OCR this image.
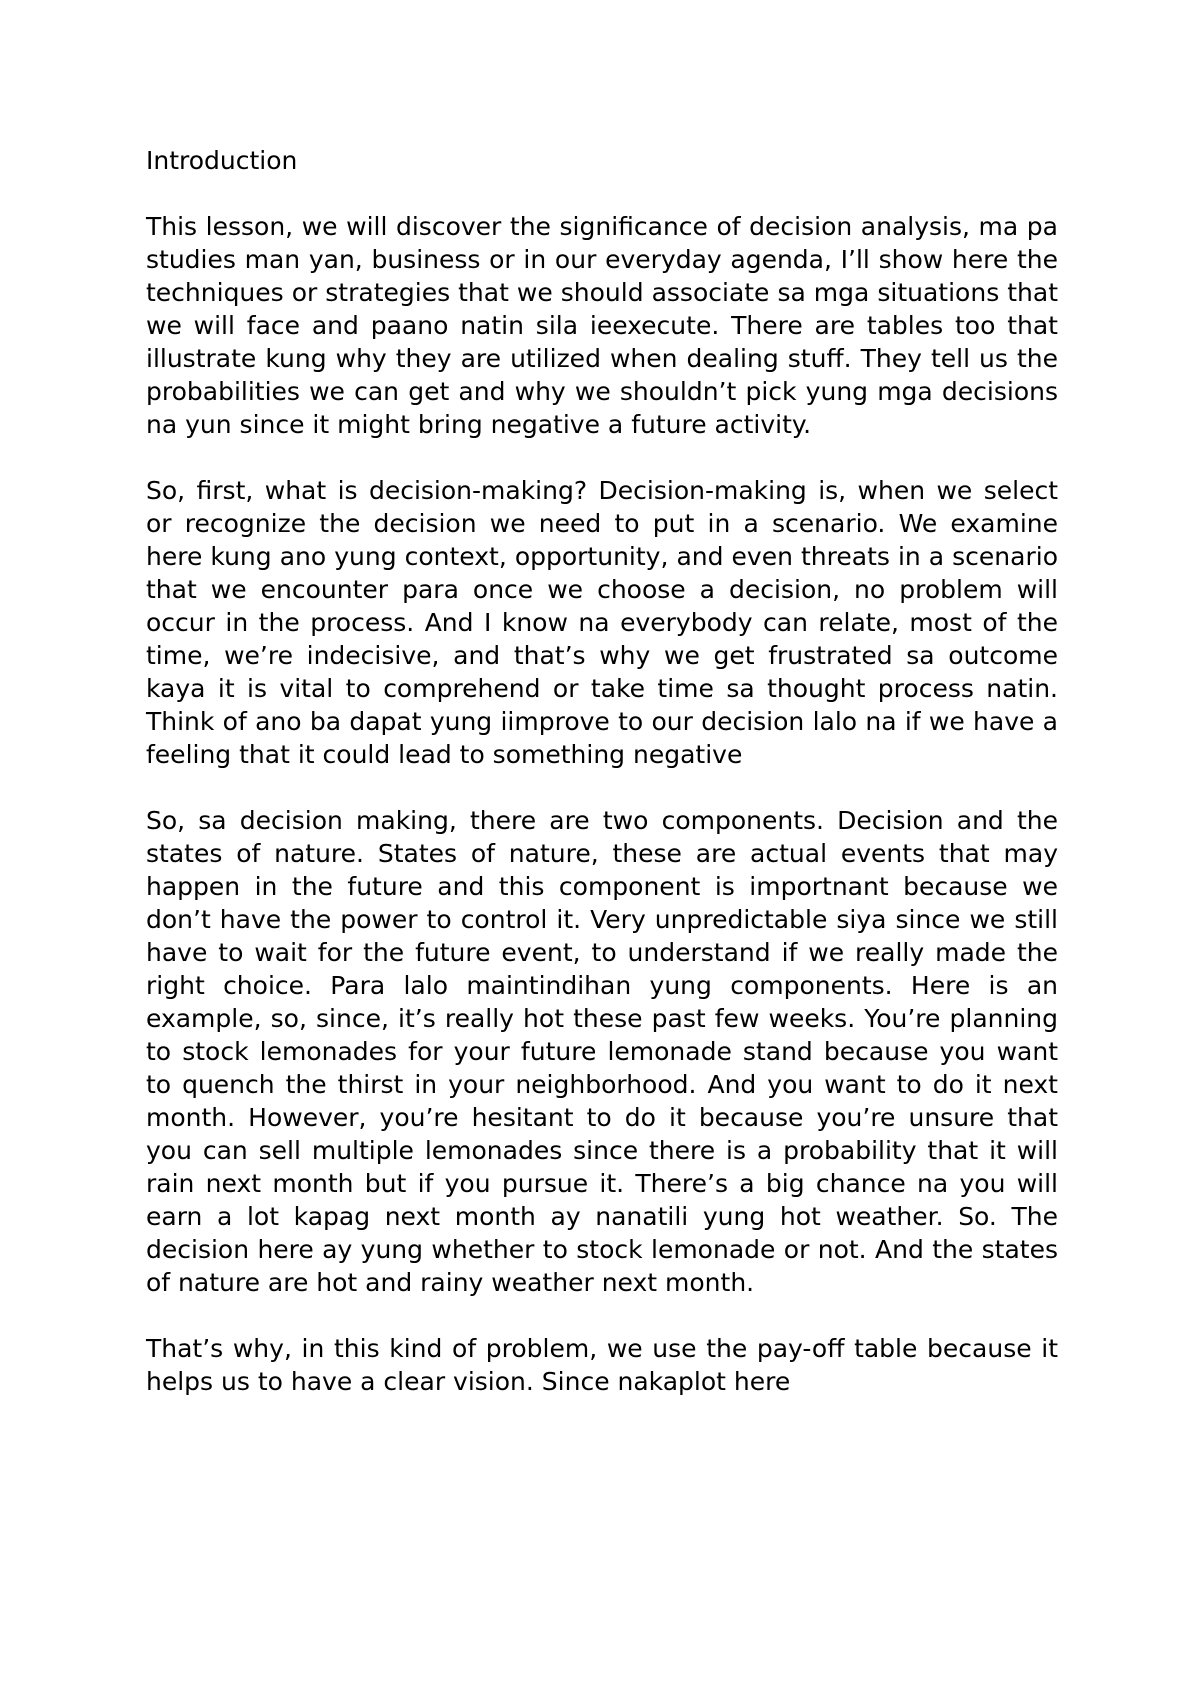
Introduction

This lesson, we will discover the significance of decision analysis, ma pa studies man yan, business or in our everyday agenda, I’ll show here the techniques or strategies that we should associate sa mga situations that we will face and paano natin sila ieexecute. There are tables too that illustrate kung why they are utilized when dealing stuff. They tell us the probabilities we can get and why we shouldn’t pick yung mga decisions na yun since it might bring negative a future activity.

So, first, what is decision-making? Decision-making is, when we select or recognize the decision we need to put in a scenario. We examine here kung ano yung context, opportunity, and even threats in a scenario that we encounter para once we choose a decision, no problem will occur in the process. And I know na everybody can relate, most of the time, we’re indecisive, and that’s why we get frustrated sa outcome kaya it is vital to comprehend or take time sa thought process natin. Think of ano ba dapat yung iimprove to our decision lalo na if we have a feeling that it could lead to something negative

So, sa decision making, there are two components. Decision and the states of nature. States of nature, these are actual events that may happen in the future and this component is importnant because we don’t have the power to control it. Very unpredictable siya since we still have to wait for the future event, to understand if we really made the right choice. Para lalo maintindihan yung components. Here is an example, so, since, it’s really hot these past few weeks. You’re planning to stock lemonades for your future lemonade stand because you want to quench the thirst in your neighborhood. And you want to do it next month. However, you’re hesitant to do it because you’re unsure that you can sell multiple lemonades since there is a probability that it will rain next month but if you pursue it. There’s a big chance na you will earn a lot kapag next month ay nanatili yung hot weather. So. The decision here ay yung whether to stock lemonade or not. And the states of nature are hot and rainy weather next month.

That’s why, in this kind of problem, we use the pay-off table because it helps us to have a clear vision. Since nakaplot here
